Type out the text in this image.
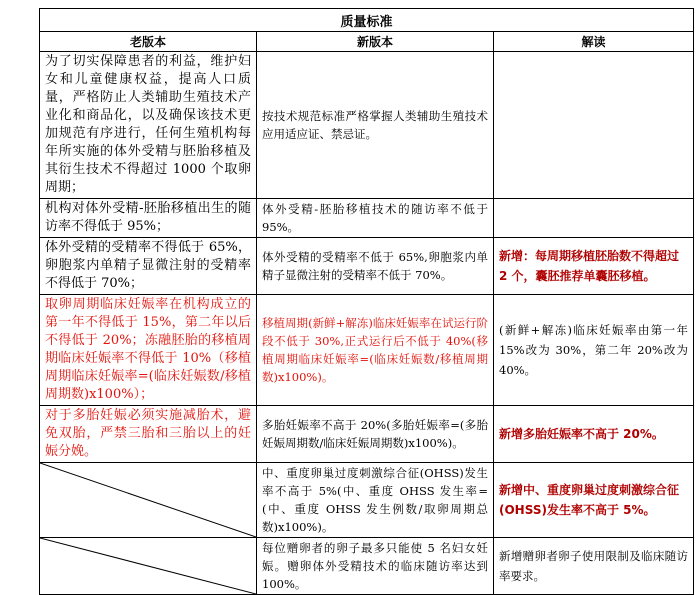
质量标准		
老版本	新版本	解读
为了切实保障患者的利益，维护妇女和儿童健康权益，提高人口质量，严格防止人类辅助生殖技术产业化和商品化，以及确保该技术更加规范有序进行，任何生殖机构每年所实施的体外受精与胚胎移植及其衍生技术不得超过 1000 个取卵周期；	按技术规范标准严格掌握人类辅助生殖技术应用适应证、禁忌证。	
机构对体外受精-胚胎移植出生的随访率不得低于 95%；	体外受精-胚胎移植技术的随访率不低于 95%。	
体外受精的受精率不得低于 65%，卵胞浆内单精子显微注射的受精率不得低于 70%；	体外受精的受精率不低于 65%,卵胞浆内单精子显微注射的受精率不低于 70%。	新增：每周期移植胚胎数不得超过 2 个，囊胚推荐单囊胚移植。
取卵周期临床妊娠率在机构成立的第一年不得低于 15%，第二年以后不得低于 20%；冻融胚胎的移植周期临床妊娠率不得低于 10%（移植周期临床妊娠率=(临床妊娠数/移植周期数)x100%）；	移植周期(新鲜+解冻)临床妊娠率在试运行阶段不低于 30%,正式运行后不低于 40%(移植周期临床妊娠率=(临床妊娠数/移植周期数)x100%)。	(新鲜+解冻)临床妊娠率由第一年 15%改为 30%，第二年 20%改为 40%。
对于多胎妊娠必须实施减胎术，避免双胎，严禁三胎和三胎以上的妊娠分娩。	多胎妊娠率不高于 20%(多胎妊娠率=(多胎妊娠周期数/临床妊娠周期数)x100%)。	新增多胎妊娠率不高于 20%。

	中、重度卵巢过度刺激综合征(OHSS)发生率不高于 5%(中、重度 OHSS 发生率=(中、重度 OHSS 发生例数/取卵周期总数)x100%)。	新增中、重度卵巢过度刺激综合征(OHSS)发生率不高于 5%。

	每位赠卵者的卵子最多只能使 5 名妇女妊娠。赠卵体外受精技术的临床随访率达到 100%。	新增赠卵者卵子使用限制及临床随访率要求。
